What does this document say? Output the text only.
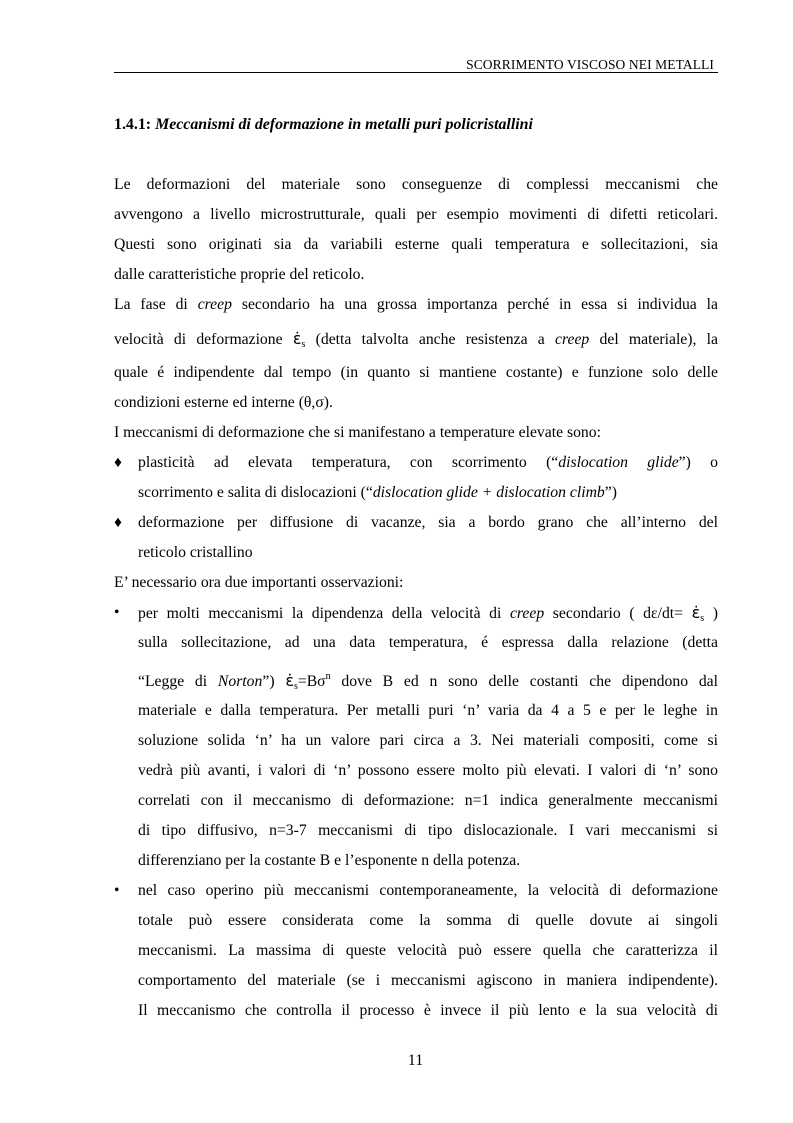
SCORRIMENTO VISCOSO NEI METALLI
1.4.1: Meccanismi di deformazione in metalli puri policristallini
Le deformazioni del materiale sono conseguenze di complessi meccanismi che
avvengono a livello microstrutturale, quali per esempio movimenti di difetti reticolari.
Questi sono originati sia da variabili esterne quali temperatura e sollecitazioni, sia
dalle caratteristiche proprie del reticolo.
La fase di creep secondario ha una grossa importanza perché in essa si individua la
velocità di deformazione $\varepsiloṅ_s$ (detta talvolta anche resistenza a creep del materiale), la
quale é indipendente dal tempo (in quanto si mantiene costante) e funzione solo delle
condizioni esterne ed interne (θ,σ).
I meccanismi di deformazione che si manifestano a temperature elevate sono:
♦	plasticità ad elevata temperatura, con scorrimento (“dislocation glide”) o
scorrimento e salita di dislocazioni (“dislocation glide + dislocation climb”)
♦	deformazione per diffusione di vacanze, sia a bordo grano che all’interno del
reticolo cristallino
E’ necessario ora due importanti osservazioni:
•	per molti meccanismi la dipendenza della velocità di creep secondario ( $d\varepsilon/dt= \varepsiloṅ_s$ )
sulla sollecitazione, ad una data temperatura, é espressa dalla relazione (detta
“Legge di Norton”) $\varepsiloṅ_s=B\sigma^n$ dove B ed n sono delle costanti che dipendono dal
materiale e dalla temperatura. Per metalli puri ‘n’ varia da 4 a 5 e per le leghe in
soluzione solida ‘n’ ha un valore pari circa a 3. Nei materiali compositi, come si
vedrà più avanti, i valori di ‘n’ possono essere molto più elevati. I valori di ‘n’ sono
correlati con il meccanismo di deformazione: n=1 indica generalmente meccanismi
di tipo diffusivo, n=3-7 meccanismi di tipo dislocazionale. I vari meccanismi si
differenziano per la costante B e l’esponente n della potenza.
•	nel caso operino più meccanismi contemporaneamente, la velocità di deformazione
totale può essere considerata come la somma di quelle dovute ai singoli
meccanismi. La massima di queste velocità può essere quella che caratterizza il
comportamento del materiale (se i meccanismi agiscono in maniera indipendente).
Il meccanismo che controlla il processo è invece il più lento e la sua velocità di
11
